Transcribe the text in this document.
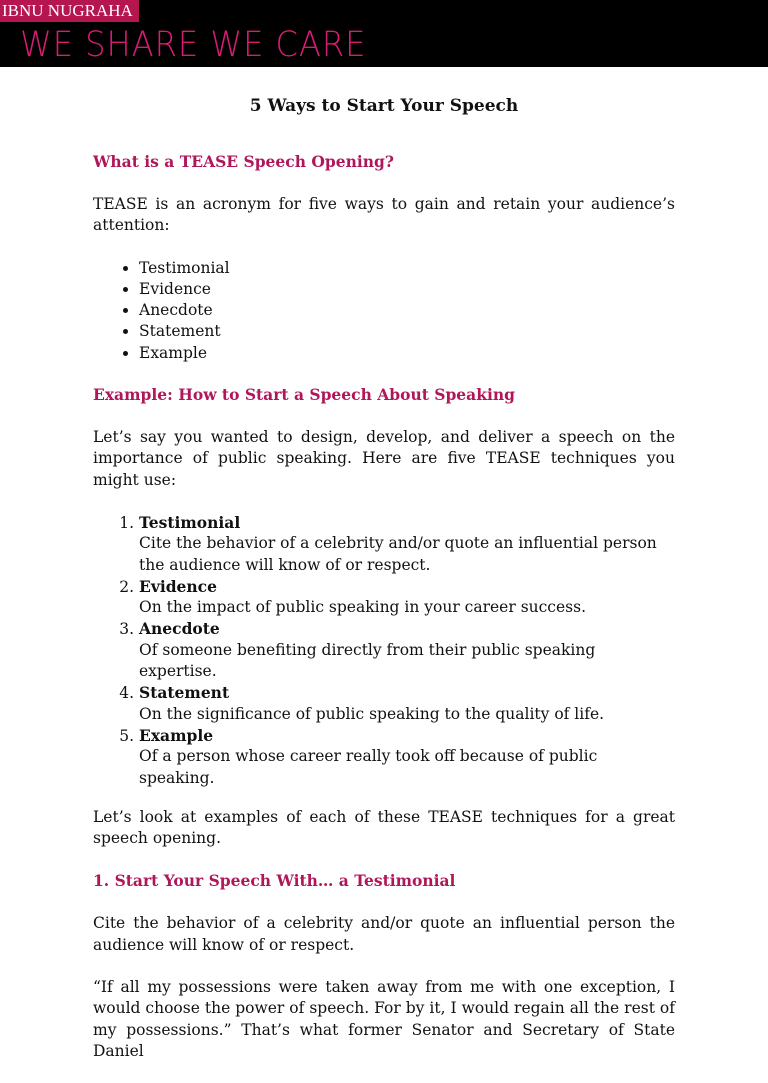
IBNU NUGRAHA
WE SHARE WE CARE
5 Ways to Start Your Speech
What is a TEASE Speech Opening?

TEASE is an acronym for five ways to gain and retain your audience’s attention:

• Testimonial
• Evidence
• Anecdote
• Statement
• Example
Example: How to Start a Speech About Speaking

Let’s say you wanted to design, develop, and deliver a speech on the importance of public speaking. Here are five TEASE techniques you might use:

1. Testimonial
Cite the behavior of a celebrity and/or quote an influential person the audience will know of or respect.
2. Evidence
On the impact of public speaking in your career success.
3. Anecdote
Of someone benefiting directly from their public speaking expertise.
4. Statement
On the significance of public speaking to the quality of life.
5. Example
Of a person whose career really took off because of public speaking.

Let’s look at examples of each of these TEASE techniques for a great speech opening.

1. Start Your Speech With… a Testimonial

Cite the behavior of a celebrity and/or quote an influential person the audience will know of or respect.

“If all my possessions were taken away from me with one exception, I would choose the power of speech. For by it, I would regain all the rest of my possessions.” That’s what former Senator and Secretary of State Daniel
